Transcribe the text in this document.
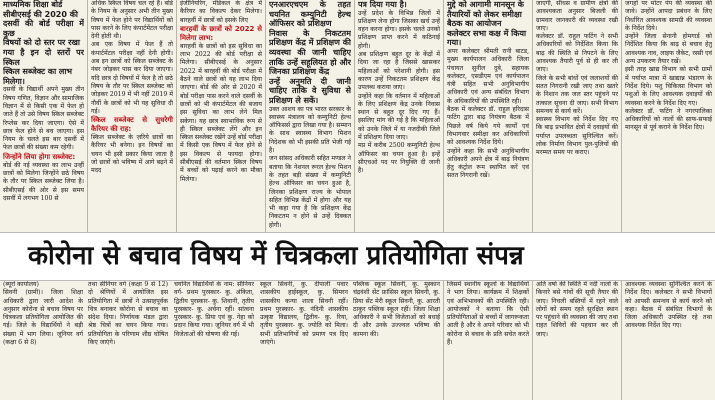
माध्यमिक शिक्षा बोर्ड

सीबीएसई की 2020 की

दसवीं की बोर्ड परीक्षा में कुछ

विषयों को दो स्तर पर रखा

गया है इन दो स्तरों पर स्किल

स्किल सब्जेक्ट का लाभ

मिलेगा।

दसवीं के विद्यार्थी अपने मुख्य तीन विषय गणित, विज्ञान और सामाजिक विज्ञान में से किसी एक में फेल हो जाते हैं तो उसे विषय स्किल सब्जेक्ट रिप्लेस कर दिया जाएगा। ऐसे में छात्र फेल होने से बच जाएगा। इस नियम के चलते इस बार दसवीं में फेल छात्रों की संख्या कम रहेगी।

जिन्होंने लिया होगा सब्जेक्ट:

बोर्ड की नई व्यवस्था का लाभ उन्हीं छात्रों को मिलेगा जिन्होंने छठे विषय के तौर पर स्किल सब्जेक्ट लिया है। सीबीएसई की ओर से इस समय दसवीं में लगभग 100 से

अधिक स्किल विषय चल रहे हैं। बोर्ड के नियम के अनुसार अभी तीन मुख्य विषय में फेल होने पर विद्यार्थियों को पास करने के लिए कंपार्टमेंटल परीक्षा देनी होती थी।

अब एक विषय में फेल हैं तो कंपार्टमेंटल परीक्षा नहीं देनी होगी। अब इन छात्रों को स्किल सब्जेक्ट के नंबर जोड़कर पास कर दिया जाएगा। यदि छात्र दो विषयों में फेल है तो छठे विषय के तौर पर स्किल सब्जेक्ट को जोड़कर 2019 में भी नहीं 2019 में नौवीं के छात्रों को भी यह सुविधा दी गई।

स्किल सब्जेक्ट से सुधरेगी कैरियर की राह:

स्किल सब्जेक्ट के ज़रिये छात्रों का कैरियर भी बनेगा। इन विषयों का चयन भी इसी प्रकार किया जाता है जो छात्रों को भविष्य में आगे बढ़ने में मदद

इंजीनियरिंग, मेडिकल के क्षेत्र में कैरियर का विकल्प देकर मिलेगा। बारहवीं में छात्रों को इसके लिए

बारहवीं के छात्रों को 2022 से मिलेगा लाभ:

बारहवीं के छात्रों को इस सुविधा का लाभ 2022 की बोर्ड परीक्षा से मिलेगा। सीबीएसई के अनुसार 2022 में बारहवीं की बोर्ड परीक्षा में बैठने वाले छात्रों को यह लाभ दिया जाएगा। बोर्ड की ओर से 2020 में बोर्ड परीक्षा पास करने वाले दसवीं के छात्रों को भी कंपार्टमेंटल की बजाय इस सुविधा का लाभ लेने मिल सकेगा। यह छात्र स्वाभाविक रूप से ही स्किल सब्जेक्ट लेंगे और इन स्किल सब्जेक्ट रखेंगे उन्हें बोर्ड परीक्षा में किसी एक विषय में फेल होने से इस विकल्प से फायदा होगा। सीबीएसई की वर्तमान स्किल विषय में बच्चों को पढ़ाई करने का मौका मिलेगा।

एनआरएचएम के तहत चयनित कम्युनिटी हेल्थ ऑफिसर को प्रशिक्षण

निवास के निकटतम प्रशिक्षण केंद्र में प्रशिक्षण की व्यवस्था की जानी चाहिए ताकि उन्हें सहूलियत हो और जिनका प्रशिक्षण केंद्र

उन्हें अनुमति दी जानी चाहिए ताकि वे सुविधा से प्रशिक्षण ले सकें।

उक्त आशय का पत्र भारत सरकार के स्वास्थ्य मंत्रालय को कम्युनिटी हेल्थ ऑफिसर्स द्वारा लिखा गया है। सम्मान के साथ स्वास्थ्य विभाग मिशन निदेशक को भी इसकी प्रति भेजी गई है।

जन सांसद अधिकारी सहित मण्डल ने बताया कि नेशनल रूरल हेल्थ मिशन के तहत बड़ी संख्या में कम्युनिटी हेल्थ ऑफिसर का चयन हुआ है, जिनका प्रशिक्षण राज्य के भोपाल सहित विभिन्न केंद्रों में होगा और यह भी कहा गया है कि प्रशिक्षण केंद्र निकटतम न होने से उन्हें दिक्कत होगी।

पत्र दिया गया है।

उन्हें प्रदेश के विभिन्न जिलों में प्रशिक्षण लेना होगा जिसका खर्च उन्हें वहन करना होगा। इसके चलते उनको प्रशिक्षण प्राप्त करने में कठिनाई होगी।

अब प्रशिक्षण बहुत दूर के केंद्रों में दिया जा रहा है जिससे खासकर महिलाओं को परेशानी होगी। इस कारण उन्हें निकटतम प्रशिक्षण केंद्र उपलब्ध कराया जाए।

उन्होंने कहा कि वर्तमान में महिलाओं के लिए प्रशिक्षण केंद्र उनके निवास स्थान से बहुत दूर दिए गए हैं। इसलिए मांग की गई है कि महिलाओं को उनके जिले में या नजदीकी जिले में प्रशिक्षण दिया जाए।

मप्र में करीब 2500 कम्युनिटी हेल्थ ऑफिसर का चयन हुआ है। इन्हें सीएचओ पद पर नियुक्ति दी जानी है।

मुद्दे को आगामी मानसून के

तैयारियों को लेकर समीक्षा

बैठक का आयोजन

कलेक्टर सभा कक्ष में किया

गया।

अपर कलेक्टर श्रीमती रानी बाटड, मुख्य कार्यपालन अधिकारी जिला पंचायत सुनील दुबे, सहायक कलेक्टर, एसडीएम एवं कार्यपालन यंत्री सहित सभी अनुविभागीय अधिकारी एवं अन्य संबंधित विभाग के अधिकारियों की उपस्थिति रही।

बैठक में कलेक्टर डॉ. राहुल हरिदास फटिंग द्वारा बाढ़ नियंत्रण बैठक में पिछले वर्ष किये गये कार्यों एवं विभागवार समीक्षा कर अधिकारियों को आवश्यक निर्देश दिये।

उन्होंने कहा कि सभी अनुविभागीय अधिकारी अपने क्षेत्र में बाढ़ नियंत्रण हेतु कंट्रोल रूम स्थापित करें एवं सतत निगरानी रखें।

जाएगी, सीधस व ग्रामीण क्षेत्रों की आवश्यकता अनुसार बिजली की ग्रामवार जानकारी की व्यवस्था रखी जाए।

कलेक्टर डॉ. राहुल फटिंग ने सभी अधिकारियों को निर्देशित किया कि बाढ़ की स्थिति से निपटने के लिए आवश्यक तैयारी पूर्व से ही कर ली जाए।

जिले के सभी बांधों एवं जलाशयों की सतत निगरानी रखी जाए तथा खतरे के निशान तक जल स्तर पहुंचने पर तत्काल सूचना दी जाए। सभी विभाग समन्वय से कार्य करें।

स्वास्थ्य विभाग को निर्देश दिए गए कि बाढ़ प्रभावित क्षेत्रों में दवाइयों की पर्याप्त उपलब्धता सुनिश्चित करें। लोक निर्माण विभाग पुल-पुलियों की मरम्मत समय पर कराए।

जगहों पर मोटर पंप की व्यवस्था की जावे। उन्होंने आपदा प्रबंधन के लिए निर्धारित आवश्यक सामग्री की व्यवस्था के निर्देश दिये।

उन्होंने जिला सेनानी होमगार्ड को निर्देशित किया कि बाढ़ से बचाव हेतु आवश्यक नाव, लाइफ जैकेट, रस्सी एवं अन्य उपकरण तैयार रखें।

इसी तरह खाद्य विभाग को सभी ग्रामों में पर्याप्त मात्रा में खाद्यान्न भंडारण के निर्देश दिये। पशु चिकित्सा विभाग को पशुओं के लिए आवश्यक दवाइयों की व्यवस्था करने के निर्देश दिए गए।

कलेक्टर डॉ. फटिंग ने नगरपालिका अधिकारियों को नालों की साफ-सफाई मानसून से पूर्व कराने के निर्देश दिए।

कोरोना से बचाव विषय में चित्रकला प्रतियोगिता संपन्न

(ब्यूरो कार्यालय)

सिवनी (ग्रामी)। जिला शिक्षा अधिकारी द्वारा जारी आदेश के अनुसार कोरोना से बचाव विषय पर चित्रकला प्रतियोगिता आयोजित की गई। जिले के विद्यार्थियों ने बड़ी संख्या में भाग लिया। जूनियर वर्ग (कक्षा 6 से 8)

तथा सीनियर वर्ग (कक्षा 9 से 12) दो श्रेणियों में आयोजित इस प्रतियोगिता में छात्रों ने उत्साहपूर्वक चित्र बनाकर कोरोना से बचाव का संदेश दिया। निर्णायक मंडल द्वारा श्रेष्ठ चित्रों का चयन किया गया। प्रतियोगिता के परिणाम शीघ्र घोषित किए जाएंगे।

चयनित विद्यार्थियों के नाम: सीनियर वर्ग- प्रथम पुरस्कार- कु. अंकिता, द्वितीय पुरस्कार- कु. शिवानी, तृतीय पुरस्कार- कु. अर्चना रहीं। सांत्वना पुरस्कार- कु. प्रिया एवं कु. नेहा को प्रदान किया गया। जूनियर वर्ग में भी विजेताओं की घोषणा की गई।

स्कूल सिवनी, कु. दीपाली पवार शासकीय हाईस्कूल, कु. सिमरन शासकीय कन्या शाला सिवनी रहीं। प्रथम पुरस्कार- कु. नंदिनी शासकीय उत्कृष्ट विद्यालय, द्वितीय- कु. रिया, तृतीय पुरस्कार- कु. ज्योति को मिला। सभी प्रतिभागियों को प्रमाण पत्र दिए जाएंगे।

पब्लिक स्कूल सिवनी, कु. मुस्कान चंद्रवंशी सेंट फ्रांसिस स्कूल सिवनी, कु. प्रिया सेंट मेरी स्कूल सिवनी, कु. आरती ठाकुर पब्लिक स्कूल रहीं। जिला शिक्षा अधिकारी ने सभी विजेताओं को बधाई दी और उनके उज्ज्वल भविष्य की कामना की।

जिसमें स्थानीय स्कूलों के विद्यार्थियों ने भाग लिया। कार्यक्रम में शिक्षकों एवं अभिभावकों की उपस्थिति रही। आयोजकों ने बताया कि ऐसी प्रतियोगिताओं से बच्चों में जागरूकता आती है और वे अपने परिवार को भी कोरोना से बचाव के प्रति सचेत करते हैं।

अति वर्षा की स्थिति में नदी नालों के किनारे बसे गांवों की सूची तैयार की जाए। निचली बस्तियों में रहने वाले लोगों को समय रहते सुरक्षित स्थान पर पहुंचाने की व्यवस्था की जाए तथा राहत शिविरों की पहचान कर ली जाए।

आवश्यक व्यवस्था सुनिश्चित करने के निर्देश दिए। कलेक्टर ने सभी विभागों को आपसी समन्वय से कार्य करने को कहा। बैठक में संबंधित विभागों के जिला अधिकारी उपस्थित रहे तथा आवश्यक निर्देश दिए गए।
